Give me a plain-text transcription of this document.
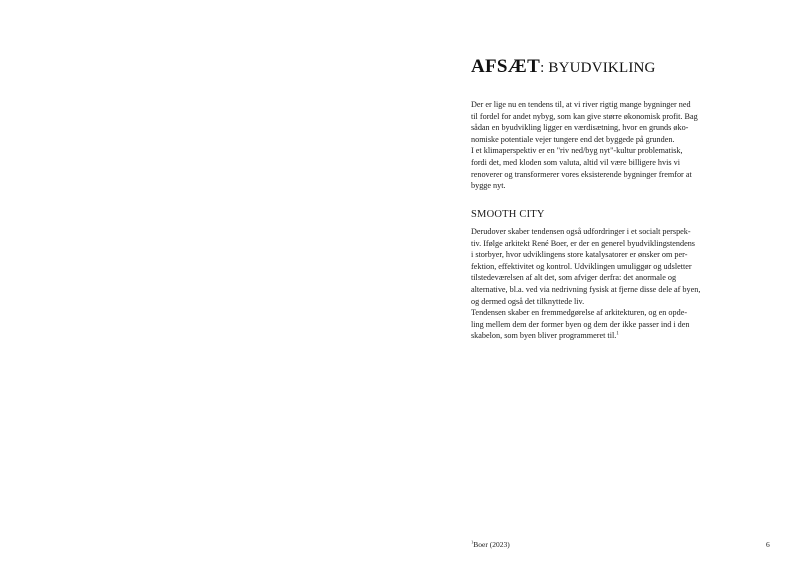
AFSÆT: BYUDVIKLING

Der er lige nu en tendens til, at vi river rigtig mange bygninger ned
til fordel for andet nybyg, som kan give større økonomisk profit. Bag
sådan en byudvikling ligger en værdisætning, hvor en grunds øko-
nomiske potentiale vejer tungere end det byggede på grunden.
I et klimaperspektiv er en "riv ned/byg nyt"-kultur problematisk,
fordi det, med kloden som valuta, altid vil være billigere hvis vi
renoverer og transformerer vores eksisterende bygninger fremfor at
bygge nyt.

SMOOTH CITY

Derudover skaber tendensen også udfordringer i et socialt perspek-
tiv. Ifølge arkitekt René Boer, er der en generel byudviklingstendens
i storbyer, hvor udviklingens store katalysatorer er ønsker om per-
fektion, effektivitet og kontrol. Udviklingen umuliggør og udsletter
tilstedeværelsen af alt det, som afviger derfra: det anormale og
alternative, bl.a. ved via nedrivning fysisk at fjerne disse dele af byen,
og dermed også det tilknyttede liv.
Tendensen skaber en fremmedgørelse af arkitekturen, og en opde-
ling mellem dem der former byen og dem der ikke passer ind i den
skabelon, som byen bliver programmeret til.$^1$

$^1$Boer (2023)	6
